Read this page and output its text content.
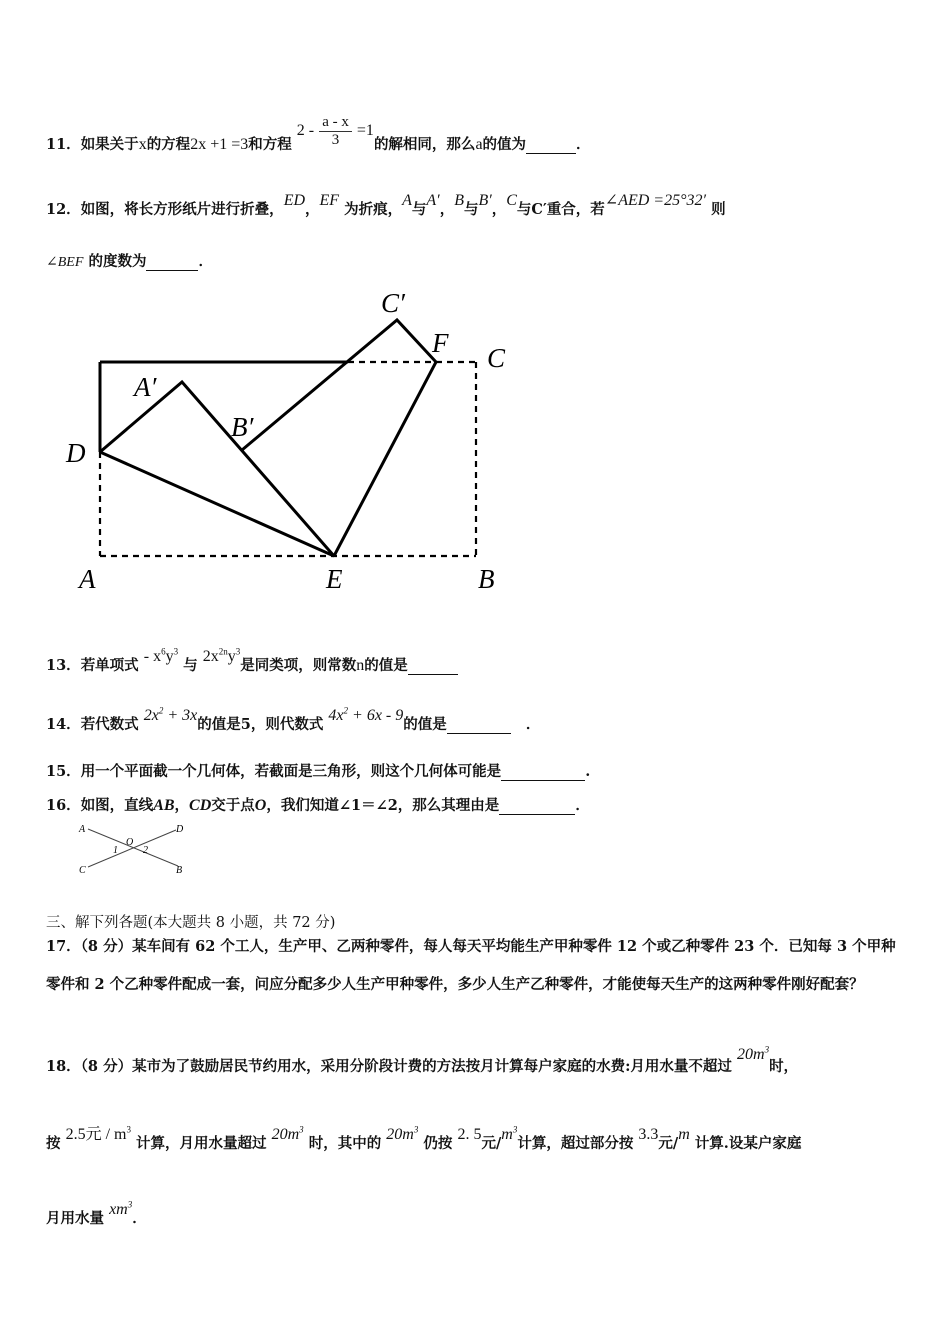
11．如果关于x的方程2x +1 =3和方程 $2 - \frac{a - x}{3} =1$的解相同，那么a的值为	．
12．如图，将长方形纸片进行折叠，ED，EF 为折痕，A与A′，B与B′，C与C′重合，若∠AED =25°32′ 则
∠BEF 的度数为	．
C′
F C
A′
B′
D
A	E	B
13．若单项式 - $x^6y^3$ 与 $2x^{2n}y^3$是同类项，则常数n的值是
14．若代数式 $2x^2 + 3x$的值是5，则代数式 $4x^2 + 6x - 9$的值是	．
15．用一个平面截一个几何体，若截面是三角形，则这个几何体可能是	.
16．如图，直线AB，CD交于点O，我们知道∠1＝∠2，那么其理由是	．
A	D
O
1	2
C	B
三、解下列各题(本大题共 8 小题，共 72 分)
17．（8 分）某车间有 62 个工人，生产甲、乙两种零件，每人每天平均能生产甲种零件 12 个或乙种零件 23 个．已知每 3 个甲种零件和 2 个乙种零件配成一套，问应分配多少人生产甲种零件，多少人生产乙种零件，才能使每天生产的这两种零件刚好配套？
18．（8 分）某市为了鼓励居民节约用水，采用分阶段计费的方法按月计算每户家庭的水费:月用水量不超过 $20m^3$时，
按 2.5元 / $m^3$ 计算，月用水量超过 $20m^3$ 时，其中的 $20m^3$ 仍按 2. 5元$/m^3$计算，超过部分按 3.3元/m 计算.设某户家庭
月用水量 $xm^3$．
